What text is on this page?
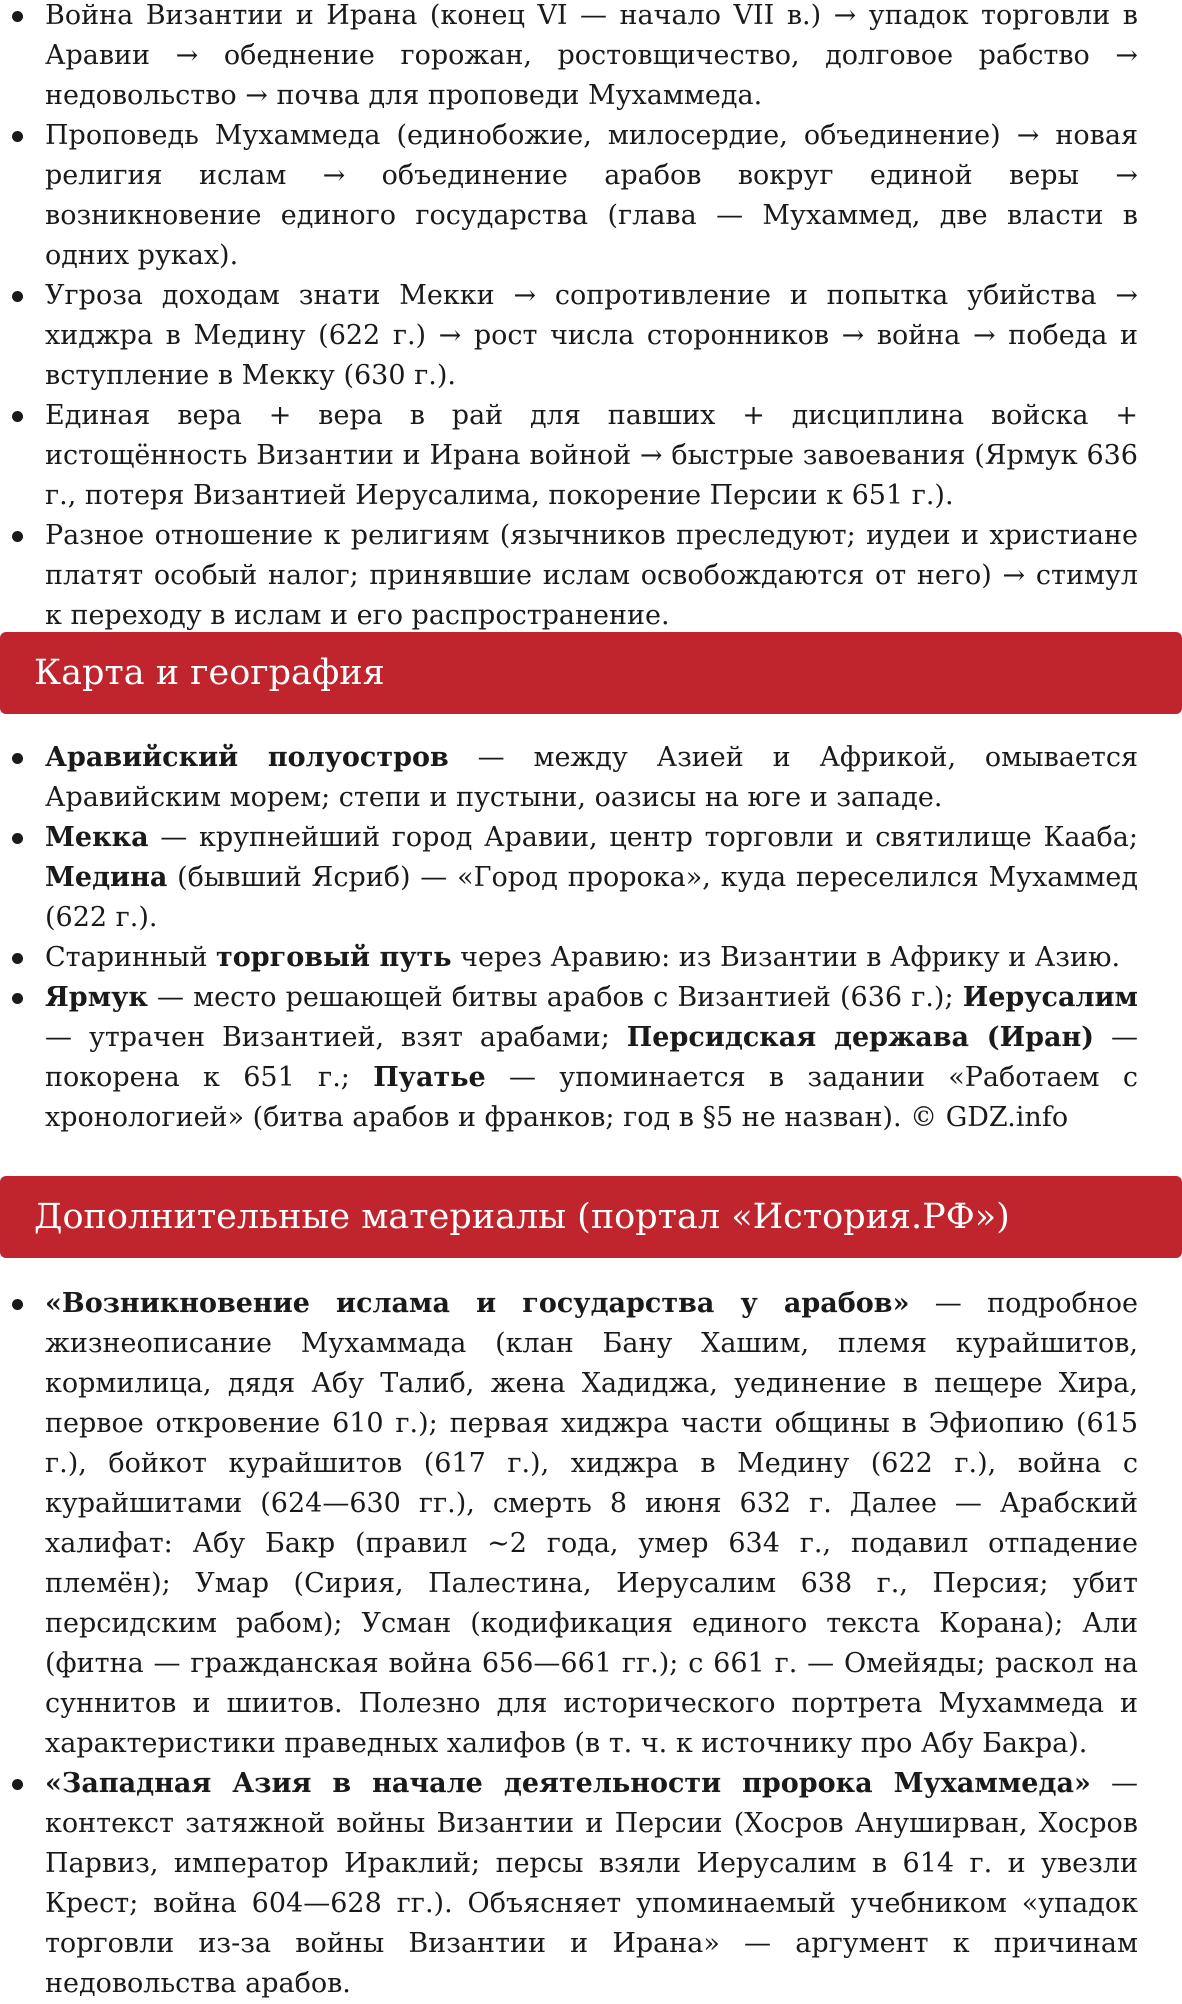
Война Византии и Ирана (конец VI — начало VII в.) → упадок торговли в Аравии → обеднение горожан, ростовщичество, долговое рабство → недовольство → почва для проповеди Мухаммеда.
Проповедь Мухаммеда (единобожие, милосердие, объединение) → новая религия ислам → объединение арабов вокруг единой веры → возникновение единого государства (глава — Мухаммед, две власти в одних руках).
Угроза доходам знати Мекки → сопротивление и попытка убийства → хиджра в Медину (622 г.) → рост числа сторонников → война → победа и вступление в Мекку (630 г.).
Единая вера + вера в рай для павших + дисциплина войска + истощённость Византии и Ирана войной → быстрые завоевания (Ярмук 636 г., потеря Византией Иерусалима, покорение Персии к 651 г.).
Разное отношение к религиям (язычников преследуют; иудеи и христиане платят особый налог; принявшие ислам освобождаются от него) → стимул к переходу в ислам и его распространение.
Карта и география
Аравийский полуостров — между Азией и Африкой, омывается Аравийским морем; степи и пустыни, оазисы на юге и западе.
Мекка — крупнейший город Аравии, центр торговли и святилище Кааба; Медина (бывший Ясриб) — «Город пророка», куда переселился Мухаммед (622 г.).
Старинный торговый путь через Аравию: из Византии в Африку и Азию.
Ярмук — место решающей битвы арабов с Византией (636 г.); Иерусалим — утрачен Византией, взят арабами; Персидская держава (Иран) — покорена к 651 г.; Пуатье — упоминается в задании «Работаем с хронологией» (битва арабов и франков; год в §5 не назван). © GDZ.info
Дополнительные материалы (портал «История.РФ»)
«Возникновение ислама и государства у арабов» — подробное жизнеописание Мухаммада (клан Бану Хашим, племя курайшитов, кормилица, дядя Абу Талиб, жена Хадиджа, уединение в пещере Хира, первое откровение 610 г.); первая хиджра части общины в Эфиопию (615 г.), бойкот курайшитов (617 г.), хиджра в Медину (622 г.), война с курайшитами (624—630 гг.), смерть 8 июня 632 г. Далее — Арабский халифат: Абу Бакр (правил ∼2 года, умер 634 г., подавил отпадение племён); Умар (Сирия, Палестина, Иерусалим 638 г., Персия; убит персидским рабом); Усман (кодификация единого текста Корана); Али (фитна — гражданская война 656—661 гг.); с 661 г. — Омейяды; раскол на суннитов и шиитов. Полезно для исторического портрета Мухаммеда и характеристики праведных халифов (в т. ч. к источнику про Абу Бакра).
«Западная Азия в начале деятельности пророка Мухаммеда» — контекст затяжной войны Византии и Персии (Хосров Ануширван, Хосров Парвиз, император Ираклий; персы взяли Иерусалим в 614 г. и увезли Крест; война 604—628 гг.). Объясняет упоминаемый учебником «упадок торговли из-за войны Византии и Ирана» — аргумент к причинам недовольства арабов.
